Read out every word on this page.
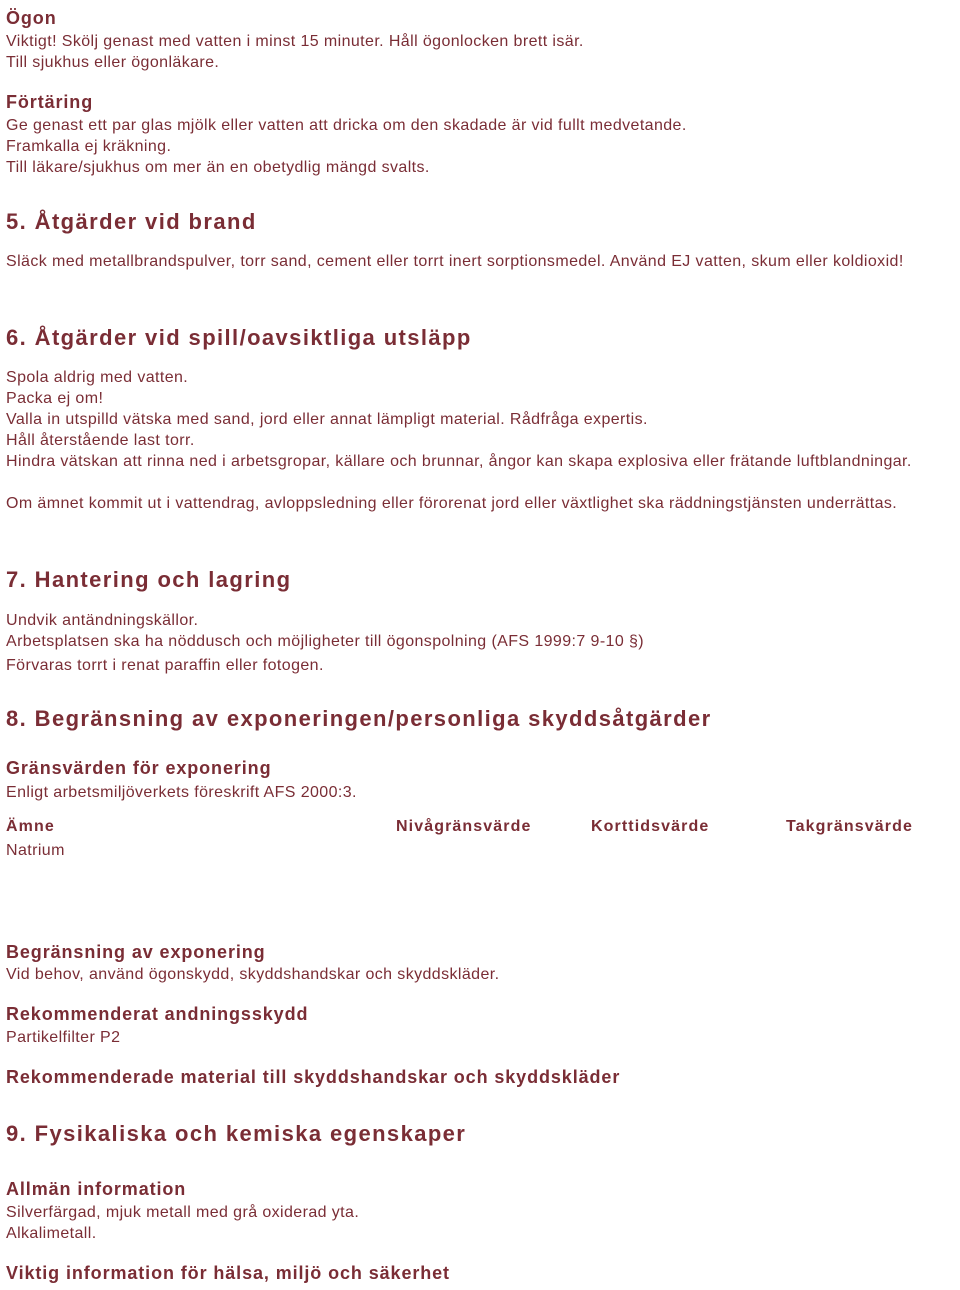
Ögon
Viktigt! Skölj genast med vatten i minst 15 minuter. Håll ögonlocken brett isär.
Till sjukhus eller ögonläkare.
Förtäring
Ge genast ett par glas mjölk eller vatten att dricka om den skadade är vid fullt medvetande.
Framkalla ej kräkning.
Till läkare/sjukhus om mer än en obetydlig mängd svalts.
5. Åtgärder vid brand
Släck med metallbrandspulver, torr sand, cement eller torrt inert sorptionsmedel. Använd EJ vatten, skum eller koldioxid!
6. Åtgärder vid spill/oavsiktliga utsläpp
Spola aldrig med vatten.
Packa ej om!
Valla in utspilld vätska med sand, jord eller annat lämpligt material. Rådfråga expertis.
Håll återstående last torr.
Hindra vätskan att rinna ned i arbetsgropar, källare och brunnar, ångor kan skapa explosiva eller frätande luftblandningar.
Om ämnet kommit ut i vattendrag, avloppsledning eller förorenat jord eller växtlighet ska räddningstjänsten underrättas.
7. Hantering och lagring
Undvik antändningskällor.
Arbetsplatsen ska ha nöddusch och möjligheter till ögonspolning (AFS 1999:7 9-10 §)
Förvaras torrt i renat paraffin eller fotogen.
8. Begränsning av exponeringen/personliga skyddsåtgärder
Gränsvärden för exponering
Enligt arbetsmiljöverkets föreskrift AFS 2000:3.
Ämne	Nivågränsvärde	Korttidsvärde	Takgränsvärde
Natrium
Begränsning av exponering
Vid behov, använd ögonskydd, skyddshandskar och skyddskläder.
Rekommenderat andningsskydd
Partikelfilter P2
Rekommenderade material till skyddshandskar och skyddskläder
9. Fysikaliska och kemiska egenskaper
Allmän information
Silverfärgad, mjuk metall med grå oxiderad yta.
Alkalimetall.
Viktig information för hälsa, miljö och säkerhet
